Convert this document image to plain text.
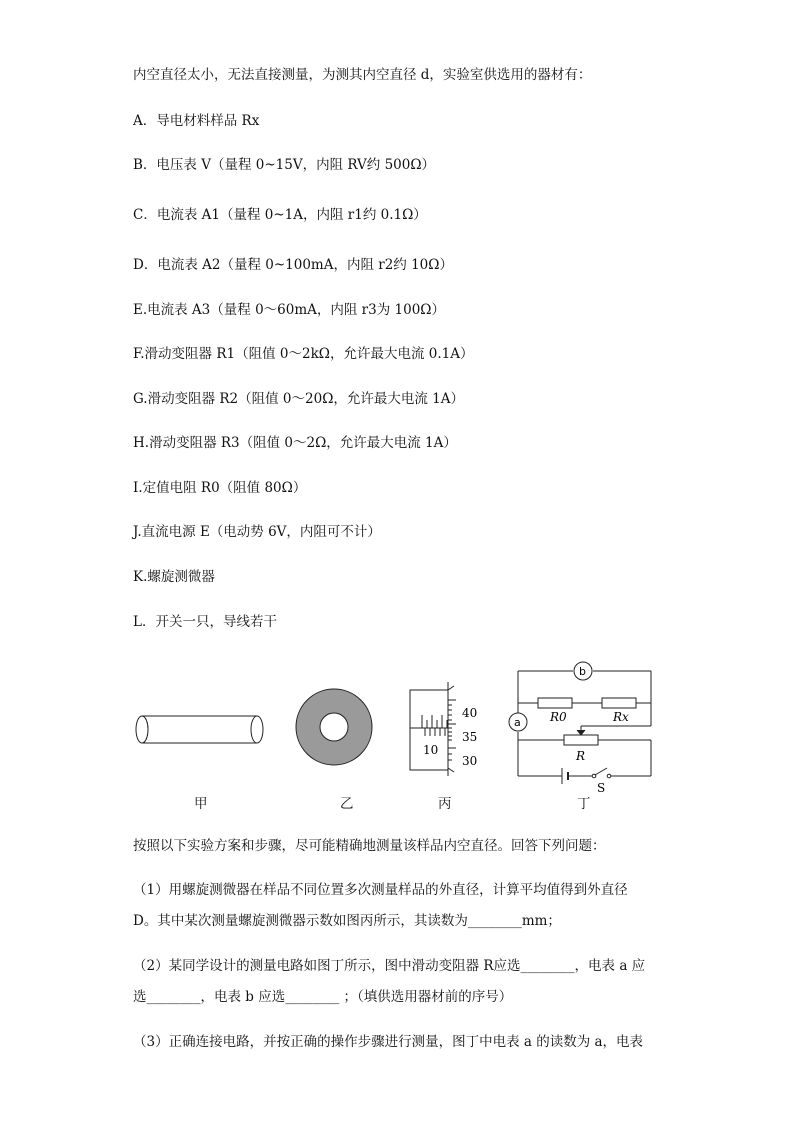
内空直径太小，无法直接测量，为测其内空直径 d，实验室供选用的器材有：
A．导电材料样品 Rx
B．电压表 V（量程 0~15V，内阻 RV约 500Ω）
C．电流表 A1（量程 0~1A，内阻 r1约 0.1Ω）
D．电流表 A2（量程 0~100mA，内阻 r2约 10Ω）
E.电流表 A3（量程 0～60mA，内阻 r3为 100Ω）
F.滑动变阻器 R1（阻值 0～2kΩ，允许最大电流 0.1A）
G.滑动变阻器 R2（阻值 0～20Ω，允许最大电流 1A）
H.滑动变阻器 R3（阻值 0～2Ω，允许最大电流 1A）
I.定值电阻 R0（阻值 80Ω）
J.直流电源 E（电动势 6V，内阻可不计）
K.螺旋测微器
L．开关一只，导线若干
10
40
35
30
b
a R0	Rx
R
S
甲	乙	丙	丁
按照以下实验方案和步骤，尽可能精确地测量该样品内空直径。回答下列问题：
（1）用螺旋测微器在样品不同位置多次测量样品的外直径，计算平均值得到外直径
D。其中某次测量螺旋测微器示数如图丙所示，其读数为________mm；
（2）某同学设计的测量电路如图丁所示，图中滑动变阻器 R应选________，电表 a 应
选________，电表 b 应选________ ；（填供选用器材前的序号）
（3）正确连接电路，并按正确的操作步骤进行测量，图丁中电表 a 的读数为 a，电表
